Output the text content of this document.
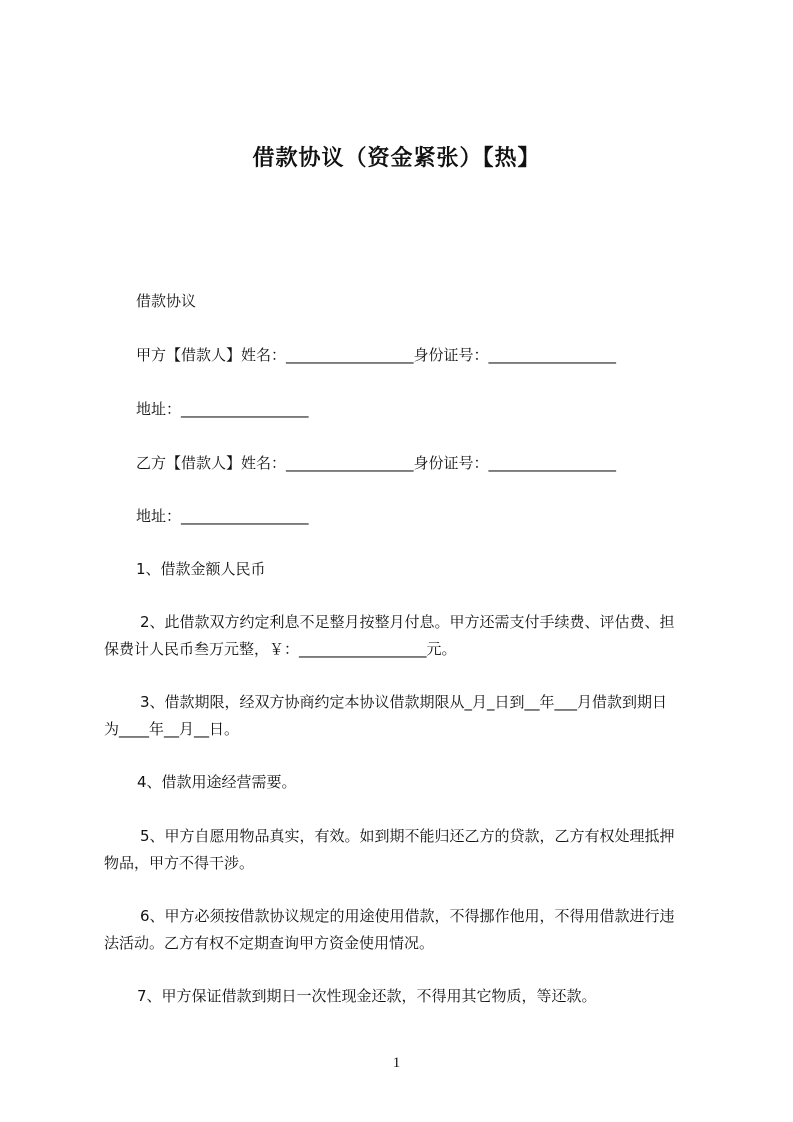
借款协议（资金紧张）【热】
借款协议
甲方【借款人】姓名：_________________身份证号：_________________
地址：_________________
乙方【借款人】姓名：_________________身份证号：_________________
地址：_________________
1、借款金额人民币
2、此借款双方约定利息不足整月按整月付息。甲方还需支付手续费、评估费、担
保费计人民币叁万元整，￥：_________________元。
3、借款期限，经双方协商约定本协议借款期限从_月_日到__年___月借款到期日
为____年__月__日。
4、借款用途经营需要。
5、甲方自愿用物品真实，有效。如到期不能归还乙方的贷款，乙方有权处理抵押
物品，甲方不得干涉。
6、甲方必须按借款协议规定的用途使用借款，不得挪作他用，不得用借款进行违
法活动。乙方有权不定期查询甲方资金使用情况。
7、甲方保证借款到期日一次性现金还款，不得用其它物质，等还款。
1
